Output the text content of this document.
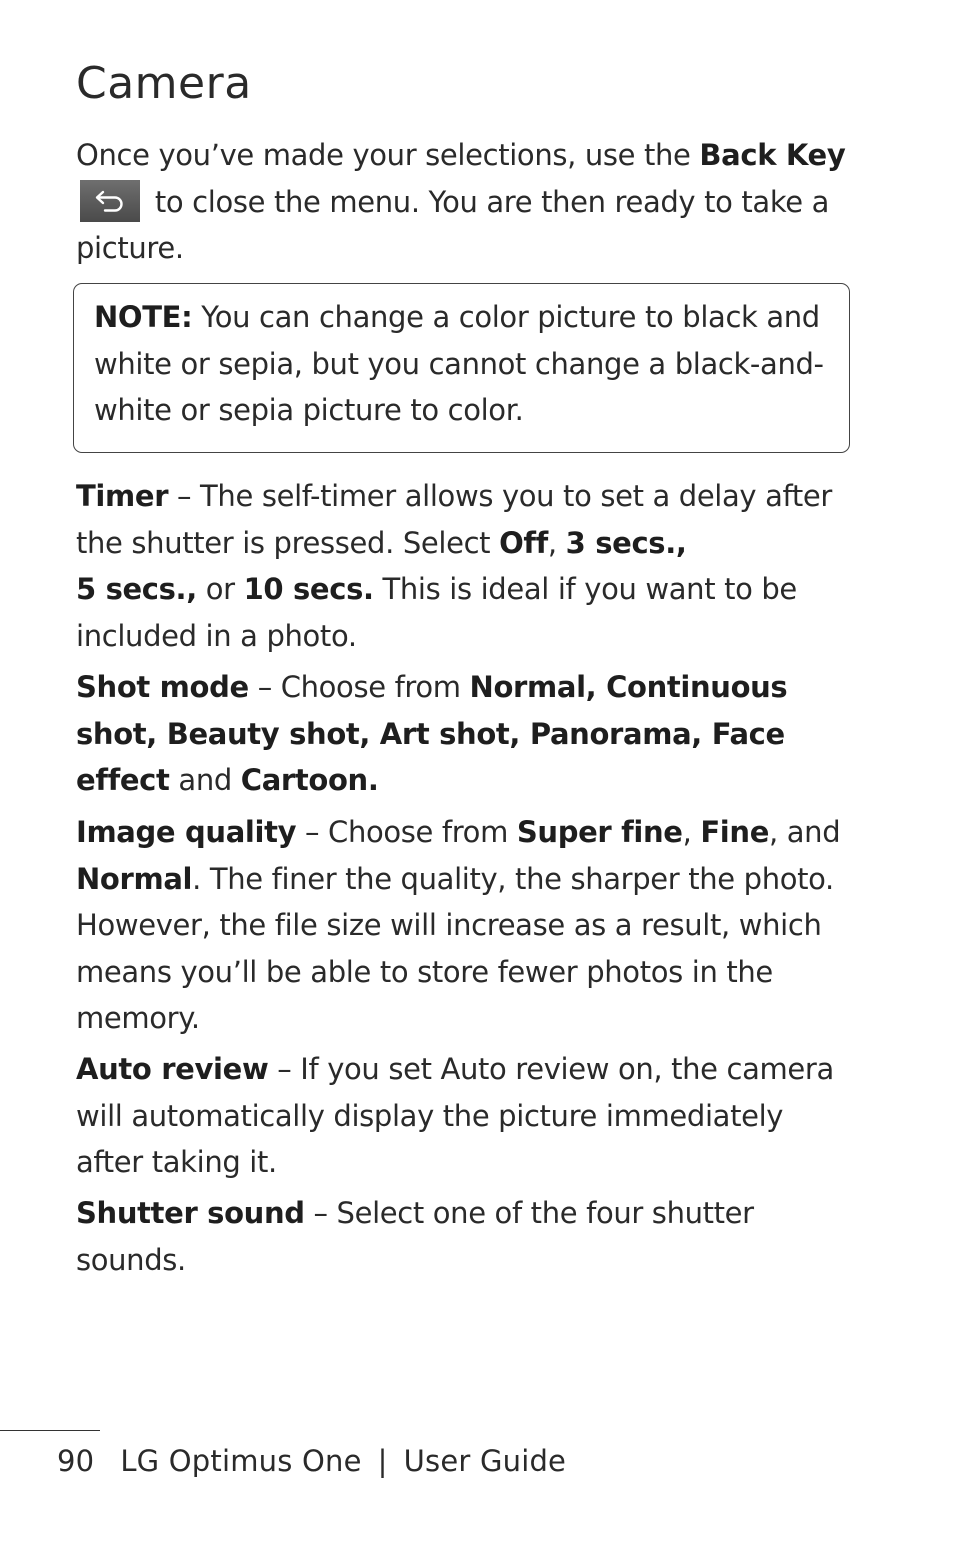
Camera

Once you’ve made your selections, use the Back Key
to close the menu. You are then ready to take a picture.

NOTE: You can change a color picture to black and white or sepia, but you cannot change a black-and-white or sepia picture to color.

Timer – The self-timer allows you to set a delay after the shutter is pressed. Select Off, 3 secs.,
5 secs., or 10 secs. This is ideal if you want to be included in a photo.

Shot mode – Choose from Normal, Continuous shot, Beauty shot, Art shot, Panorama, Face effect and Cartoon.

Image quality – Choose from Super fine, Fine, and Normal. The finer the quality, the sharper the photo. However, the file size will increase as a result, which means you’ll be able to store fewer photos in the memory.

Auto review – If you set Auto review on, the camera will automatically display the picture immediately after taking it.

Shutter sound – Select one of the four shutter sounds.

90 LG Optimus One | User Guide
